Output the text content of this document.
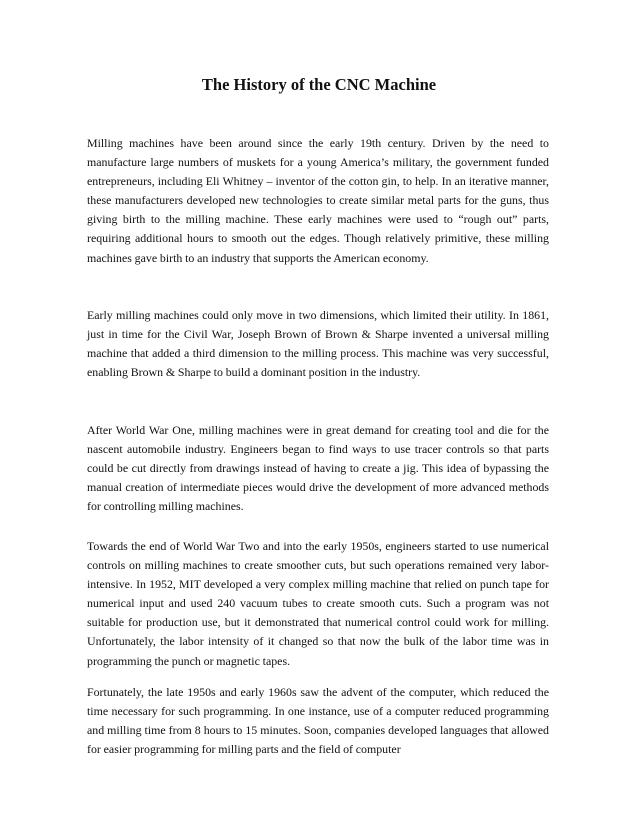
The History of the CNC Machine

Milling machines have been around since the early 19th century. Driven by the need to manufacture large numbers of muskets for a young America’s military, the government funded entrepreneurs, including Eli Whitney – inventor of the cotton gin, to help. In an iterative manner, these manufacturers developed new technologies to create similar metal parts for the guns, thus giving birth to the milling machine. These early machines were used to “rough out” parts, requiring additional hours to smooth out the edges. Though relatively primitive, these milling machines gave birth to an industry that supports the American economy.

Early milling machines could only move in two dimensions, which limited their utility. In 1861, just in time for the Civil War, Joseph Brown of Brown & Sharpe invented a universal milling machine that added a third dimension to the milling process. This machine was very successful, enabling Brown & Sharpe to build a dominant position in the industry.

After World War One, milling machines were in great demand for creating tool and die for the nascent automobile industry. Engineers began to find ways to use tracer controls so that parts could be cut directly from drawings instead of having to create a jig. This idea of bypassing the manual creation of intermediate pieces would drive the development of more advanced methods for controlling milling machines.

Towards the end of World War Two and into the early 1950s, engineers started to use numerical controls on milling machines to create smoother cuts, but such operations remained very labor-intensive. In 1952, MIT developed a very complex milling machine that relied on punch tape for numerical input and used 240 vacuum tubes to create smooth cuts. Such a program was not suitable for production use, but it demonstrated that numerical control could work for milling. Unfortunately, the labor intensity of it changed so that now the bulk of the labor time was in programming the punch or magnetic tapes.

Fortunately, the late 1950s and early 1960s saw the advent of the computer, which reduced the time necessary for such programming. In one instance, use of a computer reduced programming and milling time from 8 hours to 15 minutes. Soon, companies developed languages that allowed for easier programming for milling parts and the field of computer
